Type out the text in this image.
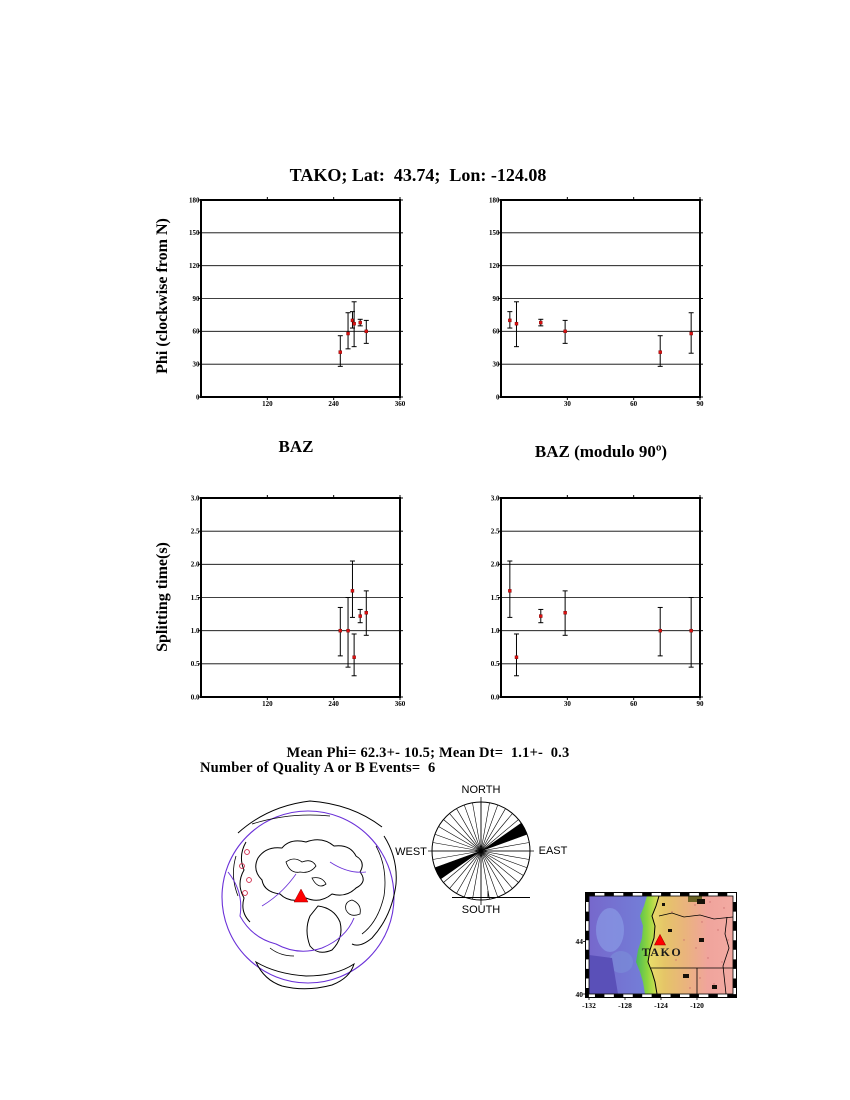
TAKO; Lat:  43.74;  Lon: -124.08
Phi (clockwise from N)
Splitting time(s)
BAZ	BAZ (modulo 90º)
Mean Phi= 62.3+- 10.5; Mean Dt=  1.1+-  0.3
Number of Quality A or B Events=  6
0
30
60
90
120
150
180
120	240	360
0
30
60
90
120
150
180
30	60	90
0.0
0.5
1.0
1.5
2.0
2.5
3.0
120	240	360
0.0
0.5
1.0
1.5
2.0
2.5
3.0
30	60	90
NORTH
EAST
SOUTH
WEST
TAKO
-132	-128	-124	-120
44
40
